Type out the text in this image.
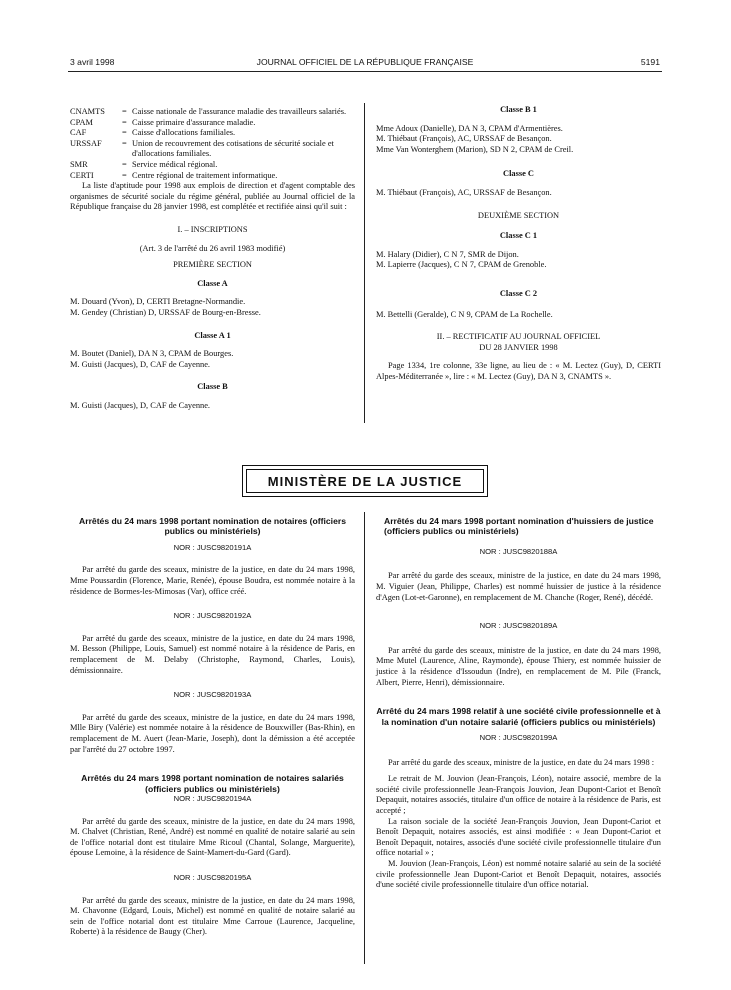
3 avril 1998	JOURNAL OFFICIEL DE LA RÉPUBLIQUE FRANÇAISE	5191
CNAMTS	= Caisse nationale de l'assurance maladie des travailleurs salariés.
CPAM	= Caisse primaire d'assurance maladie.
CAF	= Caisse d'allocations familiales.
URSSAF	= Union de recouvrement des cotisations de sécurité sociale et d'allocations familiales.
SMR	= Service médical régional.
CERTI	= Centre régional de traitement informatique.

La liste d'aptitude pour 1998 aux emplois de direction et d'agent comptable des organismes de sécurité sociale du régime général, publiée au Journal officiel de la République française du 28 janvier 1998, est complétée et rectifiée ainsi qu'il suit :

I. – INSCRIPTIONS
(Art. 3 de l'arrêté du 26 avril 1983 modifié)
PREMIÈRE SECTION
Classe A
M. Douard (Yvon), D, CERTI Bretagne-Normandie.
M. Gendey (Christian) D, URSSAF de Bourg-en-Bresse.
Classe A 1
M. Boutet (Daniel), DA N 3, CPAM de Bourges.
M. Guisti (Jacques), D, CAF de Cayenne.
Classe B
M. Guisti (Jacques), D, CAF de Cayenne.
Classe B 1
Mme Adoux (Danielle), DA N 3, CPAM d'Armentières.
M. Thiébaut (François), AC, URSSAF de Besançon.
Mme Van Wonterghem (Marion), SD N 2, CPAM de Creil.
Classe C
M. Thiébaut (François), AC, URSSAF de Besançon.
DEUXIÈME SECTION
Classe C 1
M. Halary (Didier), C N 7, SMR de Dijon.
M. Lapierre (Jacques), C N 7, CPAM de Grenoble.
Classe C 2
M. Bettelli (Geralde), C N 9, CPAM de La Rochelle.
II. – RECTIFICATIF AU JOURNAL OFFICIEL
DU 28 JANVIER 1998

Page 1334, 1re colonne, 33e ligne, au lieu de : « M. Lectez (Guy), D, CERTI Alpes-Méditerranée », lire : « M. Lectez (Guy), DA N 3, CNAMTS ».

MINISTÈRE DE LA JUSTICE
Arrêtés du 24 mars 1998 portant nomination de notaires (officiers publics ou ministériels)
NOR : JUSC9820191A

Par arrêté du garde des sceaux, ministre de la justice, en date du 24 mars 1998, Mme Poussardin (Florence, Marie, Renée), épouse Boudra, est nommée notaire à la résidence de Bormes-les-Mimosas (Var), office créé.

NOR : JUSC9820192A

Par arrêté du garde des sceaux, ministre de la justice, en date du 24 mars 1998, M. Besson (Philippe, Louis, Samuel) est nommé notaire à la résidence de Paris, en remplacement de M. Delaby (Christophe, Raymond, Charles, Louis), démissionnaire.

NOR : JUSC9820193A

Par arrêté du garde des sceaux, ministre de la justice, en date du 24 mars 1998, Mlle Biry (Valérie) est nommée notaire à la résidence de Bouxwiller (Bas-Rhin), en remplacement de M. Auert (Jean-Marie, Joseph), dont la démission a été acceptée par l'arrêté du 27 octobre 1997.

Arrêtés du 24 mars 1998 portant nomination de notaires salariés (officiers publics ou ministériels)
NOR : JUSC9820194A

Par arrêté du garde des sceaux, ministre de la justice, en date du 24 mars 1998, M. Chalvet (Christian, René, André) est nommé en qualité de notaire salarié au sein de l'office notarial dont est titulaire Mme Ricoul (Chantal, Solange, Marguerite), épouse Lemoine, à la résidence de Saint-Mamert-du-Gard (Gard).

NOR : JUSC9820195A

Par arrêté du garde des sceaux, ministre de la justice, en date du 24 mars 1998, M. Chavonne (Edgard, Louis, Michel) est nommé en qualité de notaire salarié au sein de l'office notarial dont est titulaire Mme Carroue (Laurence, Jacqueline, Roberte) à la résidence de Baugy (Cher).

Arrêtés du 24 mars 1998 portant nomination d'huissiers de justice (officiers publics ou ministériels)
NOR : JUSC9820188A

Par arrêté du garde des sceaux, ministre de la justice, en date du 24 mars 1998, M. Viguier (Jean, Philippe, Charles) est nommé huissier de justice à la résidence d'Agen (Lot-et-Garonne), en remplacement de M. Chanche (Roger, René), décédé.

NOR : JUSC9820189A

Par arrêté du garde des sceaux, ministre de la justice, en date du 24 mars 1998, Mme Mutel (Laurence, Aline, Raymonde), épouse Thiery, est nommée huissier de justice à la résidence d'Issoudun (Indre), en remplacement de M. Pile (Franck, Albert, Pierre, Henri), démissionnaire.

Arrêté du 24 mars 1998 relatif à une société civile professionnelle et à la nomination d'un notaire salarié (officiers publics ou ministériels)
NOR : JUSC9820199A

Par arrêté du garde des sceaux, ministre de la justice, en date du 24 mars 1998 :

Le retrait de M. Jouvion (Jean-François, Léon), notaire associé, membre de la société civile professionnelle Jean-François Jouvion, Jean Dupont-Cariot et Benoît Depaquit, notaires associés, titulaire d'un office de notaire à la résidence de Paris, est accepté ;

La raison sociale de la société Jean-François Jouvion, Jean Dupont-Cariot et Benoît Depaquit, notaires associés, est ainsi modifiée : « Jean Dupont-Cariot et Benoît Depaquit, notaires, associés d'une société civile professionnelle titulaire d'un office notarial » ;

M. Jouvion (Jean-François, Léon) est nommé notaire salarié au sein de la société civile professionnelle Jean Dupont-Cariot et Benoît Depaquit, notaires, associés d'une société civile professionnelle titulaire d'un office notarial.
